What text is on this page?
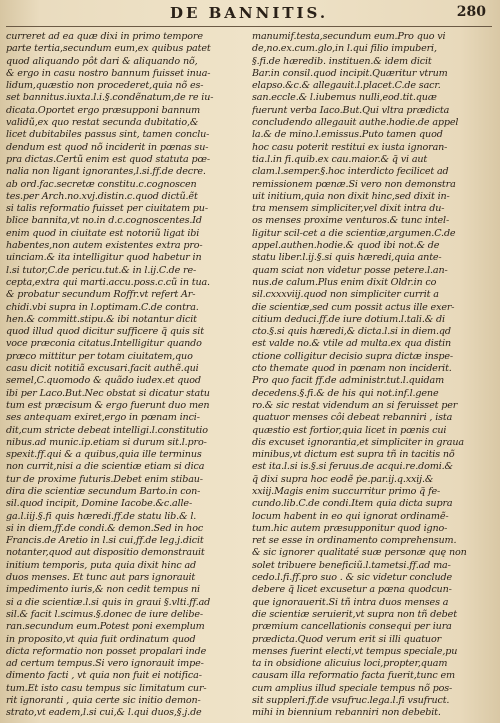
DE BANNITIS.	280
curreret ad ea quæ dixi in primo tempore
parte tertia,secundum eum,ex quibus patet
quod aliquando pôt dari & aliquando nõ,
& ergo in casu nostro bannum fuisset inua-
lidum,quæstio non procederet,quia nõ es-
set bannitus.iuxta.l.i.§.condẽnatum,de re iu-
dicata.Oportet ergo præsupponi bannum
validũ,ex quo restat secunda dubitatio,&
licet dubitabiles passus sint, tamen conclu-
dendum est quod nõ inciderit in pœnas su-
pra dictas.Certũ enim est quod statuta pœ-
nalia non ligant ignorantes,l.si.ff.de decre.
ab ord.fac.secretæ constitu.c.cognoscen
tes.per Arch.no.xvj.distin.c.quod dictũ.ẽt
si talis reformatio fuisset per ciuitatem pu-
blice bannita,vt no.in d.c.cognoscentes.Id
enim quod in ciuitate est notoriũ ligat ibi
habentes,non autem existentes extra pro-
uinciam.& ita intelligitur quod habetur in
l.si tutor,C.de pericu.tut.& in l.ij.C.de re-
cepta,extra qui marti.accu.poss.c.cũ in tua.
& probatur secundum Roffr.vt refert Ar-
chidi.vbi supra in l.optimam.C.de contra.
hen.& committ.stipu.& ibi notantur dicit
quod illud quod dicitur sufficere q̃ quis sit
voce præconia citatus.Intelligitur quando
præco mittitur per totam ciuitatem,quo
casu dicit notitiã excusari.facit authẽ.qui
semel,C.quomodo & quãdo iudex.et quod
ibi per Laco.But.Nec obstat si dicatur statu
tum est præcisum & ergo fuerunt duo men
ses antequam exiret,ergo in pœnam inci-
dit,cum stricte debeat intelligi.l.constitutio
nibus.ad munic.ip.etiam si durum sit.l.pro-
spexit.ff.qui & a quibus,quia ille terminus
non currit,nisi a die scientiæ etiam si dica
tur de proxime futuris.Debet enim stibau-
dira die scientiæ secundum Barto.in con-
sil.quod incipit, Domine Iacobe.&c.alle-
ga.l.iij.§.fi quis hæredi.ff.de statu lib.& l.
si in diem,ff.de condi.& demon.Sed in hoc
Francis.de Aretio in l.si cui,ff.de leg.j.dicit
notanter,quod aut dispositio demonstrauit
initium temporis, puta quia dixit hinc ad
duos menses. Et tunc aut pars ignorauit
impedimento iuris,& non cedit tempus ni
si a die scientiæ.l.si quis in graui §.vlti.ff.ad
sil.& facit l.scimus.§.donec de iure delibe-
ran.secundum eum.Potest poni exemplum
in proposito,vt quia fuit ordinatum quod
dicta reformatio non posset propalari inde
ad certum tempus.Si vero ignorauit impe-
dimento facti , vt quia non fuit ei notifica-
tum.Et isto casu tempus sic limitatum cur-
rit ignoranti , quia certe sic initio demon-
strato,vt eadem,l.si cui,& l.qui duos,§.j.de
manumif.testa,secundum eum.Pro quo vi
de,no.ex.cum.glo,in l.qui filio impuberi,
§.fi.de hæredib. instituen.& idem dicit
Bar.in consil.quod incipit.Quæritur vtrum
elapso.&c.& allegauit.l.placet.C.de sacr.
san.eccle.& l.iubemus nulli,eod.tit.quæ
fuerunt verba Iaco.But.Qui vltra prædicta
concludendo allegauit authe.hodie.de appel
la.& de mino.l.emissus.Puto tamen quod
hoc casu poterit restitui ex iusta ignoran-
tia.l.in fi.quib.ex cau.maior.& q̃ vi aut
clam.l.semper.§.hoc interdicto fecilicet ad
remissionem pœnæ.Si vero non demonstra
uit initium,quia non dixit hinc,sed dixit in-
tra mensem simpliciter,vel dixit intra du-
os menses proxime venturos.& tunc intel-
ligitur scil-cet a die scientiæ,argumen.C.de
appel.authen.hodie.& quod ibi not.& de
statu liber.l.ij.§.si quis hæredi,quia ante-
quam sciat non videtur posse petere.l.an-
nus.de calum.Plus enim dixit Oldr.in co
sil.cxxxviij.quod non simpliciter currit a
die scientiæ,sed cum possit actus ille exer-
citium deduci.ff.de iure dotium.l.tali.& di
cto.§.si quis hæredi,& dicta.l.si in diem.qd
est valde no.& vtile ad multa.ex qua distin
ctione colligitur decisio supra dictæ inspe-
cto themate quod in pœnam non inciderit.
Pro quo facit ff.de administr.tut.l.quidam
decedens.§.fi.& de his qui not.inf.l.gene
ro.& sic restat videndum an si feruisset per
quatuor menses côi debeat rebanniri , ista
quæstio est fortior,quia licet in pœnis cui
dis excuset ignorantia,et simpliciter in graua
minibus,vt dictum est supra tñ in tacitis nõ
est ita.l.si is.§.si feruus.de acqui.re.domi.&
q̃ dixi supra hoc eodẽ ṗe.par.ij.q.xxij.&
xxiij.Magis enim succurritur primo q̃ fe-
cundo.lib.C.de condi.Item quia dicta supra
locum habent in eo qui ignorat ordinamẽ-
tum.hic autem præsupponitur quod igno-
ret se esse in ordinamento comprehensum.
& sic ignorer qualitaté suæ personæ quę non
solet tribuere beneficiũ.l.tametsi.ff.ad ma-
cedo.l.fi.ff.pro suo . & sic videtur conclude
debere q̃ licet excusetur a pœna quodcun-
que ignorauerit.Si tñ intra duos menses a
die scientiæ seruierit,vt supra non tñ debet
præmium cancellationis consequi per iura
prædicta.Quod verum erit si illi quatuor
menses fuerint electi,vt tempus speciale,pu
ta in obsidione alicuius loci,propter,quam
causam illa reformatio facta fuerit,tunc em
cum amplius illud speciale tempus nõ pos-
sit suppleri.ff.de vsufruc.lega.l.fi vsufruct.
mihi in biennium rebanniri non debebit.
